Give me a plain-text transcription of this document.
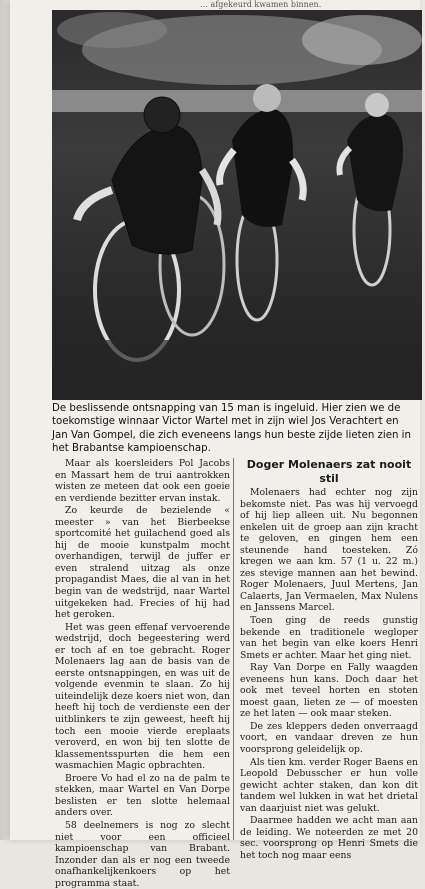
… afgekeurd kwamen binnen.
De beslissende ontsnapping van 15 man is ingeluid. Hier zien we de toekomstige winnaar Victor Wartel met in zijn wiel Jos Verachtert en Jan Van Gompel, die zich eveneens langs hun beste zijde lieten zien in het Brabantse kampioenschap.

Maar als koersleiders Pol Jacobs en Massart hem de trui aantrokken wisten ze meteen dat ook een goeie en verdiende bezitter ervan instak.

Zo keurde de bezielende « meester » van het Bierbeekse sportcomité het guilachend goed als hij de mooie kunstpalm mocht overhandigen, terwijl de juffer er even stralend uitzag als onze propagandist Maes, die al van in het begin van de wedstrijd, naar Wartel uitgekeken had. Frecies of hij had het geroken.

Het was geen effenaf vervoerende wedstrijd, doch begeestering werd er toch af en toe gebracht. Roger Molenaers lag aan de basis van de eerste ontsnappingen, en was uit de volgende evenmin te slaan. Zo hij uiteindelijk deze koers niet won, dan heeft hij toch de verdienste een der uitblinkers te zijn geweest, heeft hij toch een mooie vierde ereplaats veroverd, en won bij ten slotte de klassementsspurten die hem een wasmachien Magic opbrachten.

Broere Vo had el zo na de palm te stekken, maar Wartel en Van Dorpe beslisten er ten slotte helemaal anders over.

58 deelnemers is nog zo slecht niet voor een officieel kampioenschap van Brabant. Inzonder dan als er nog een tweede onafhankelijkenkoers op het programma staat.

Doger Molenaers zat nooit stil

Molenaers had echter nog zijn bekomste niet. Pas was hij vervoegd of hij liep alleen uit. Nu begonnen enkelen uit de groep aan zijn kracht te geloven, en gingen hem een steunende hand toesteken. Zó kregen we aan km. 57 (1 u. 22 m.) zes stevige mannen aan het bewind. Roger Molenaers, Juul Mertens, Jan Calaerts, Jan Vermaelen, Max Nulens en Janssens Marcel.

Toen ging de reeds gunstig bekende en traditionele wegloper van het begin van elke koers Henri Smets er achter. Maar het ging niet.

Ray Van Dorpe en Fally waagden eveneens hun kans. Doch daar het ook met teveel horten en stoten moest gaan, lieten ze — of moesten ze het laten — ook maar steken.

De zes kleppers deden onverraagd voort, en vandaar dreven ze hun voorsprong geleidelijk op.

Als tien km. verder Roger Baens en Leopold Debusscher er hun volle gewicht achter staken, dan kon dit tandem wel lukken in wat het drietal van daarjuist niet was gelukt.

Daarmee hadden we acht man aan de leiding. We noteerden ze met 20 sec. voorsprong op Henri Smets die het toch nog maar eens
